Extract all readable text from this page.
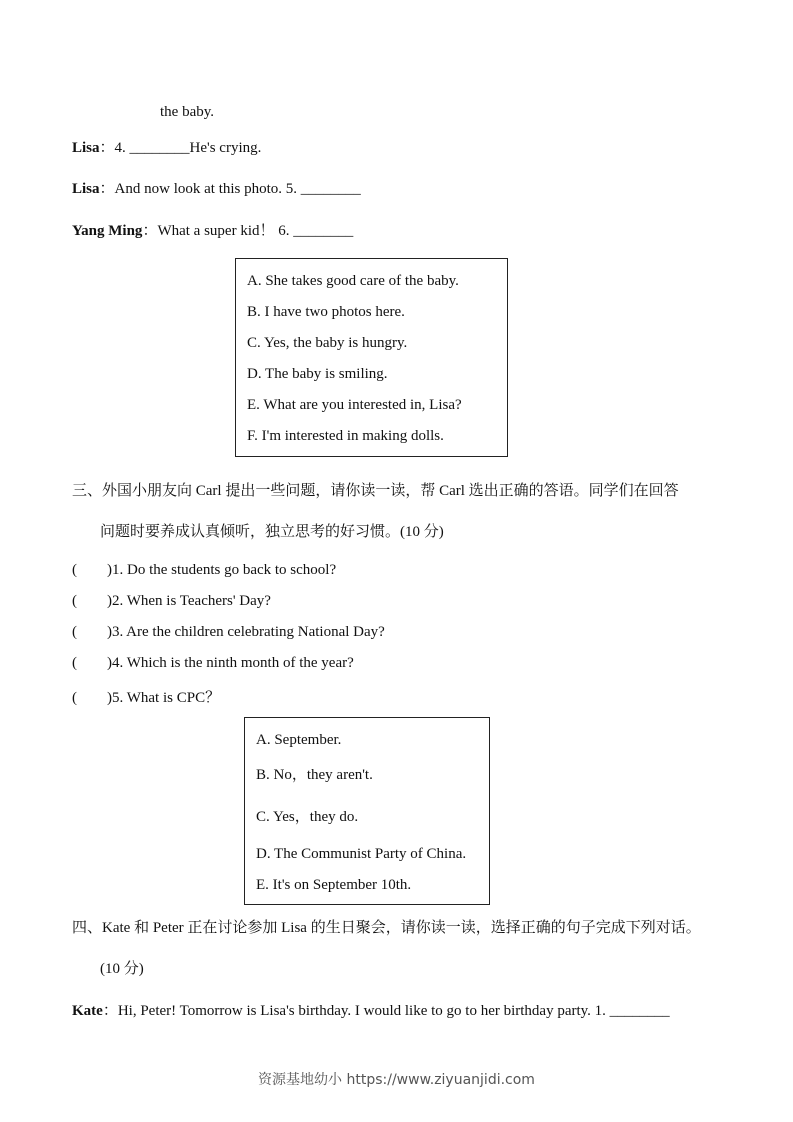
the baby.
Lisa：4. ________He's crying.
Lisa：And now look at this photo. 5. ________
Yang Ming：What a super kid！ 6. ________
A. She takes good care of the baby.
B. I have two photos here.
C. Yes, the baby is hungry.
D. The baby is smiling.
E. What are you interested in, Lisa?
F. I'm interested in making dolls.
三、外国小朋友向 Carl 提出一些问题，请你读一读，帮 Carl 选出正确的答语。同学们在回答
问题时要养成认真倾听，独立思考的好习惯。(10 分)
(　　)1. Do the students go back to school?
(　　)2. When is Teachers' Day?
(　　)3. Are the children celebrating National Day?
(　　)4. Which is the ninth month of the year?
(　　)5. What is CPC？
A. September.
B. No，they aren't.
C. Yes，they do.
D. The Communist Party of China.
E. It's on September 10th.
四、Kate 和 Peter 正在讨论参加 Lisa 的生日聚会，请你读一读，选择正确的句子完成下列对话。
(10 分)
Kate：Hi, Peter! Tomorrow is Lisa's birthday. I would like to go to her birthday party. 1. ________
资源基地幼小 https://www.ziyuanjidi.com
